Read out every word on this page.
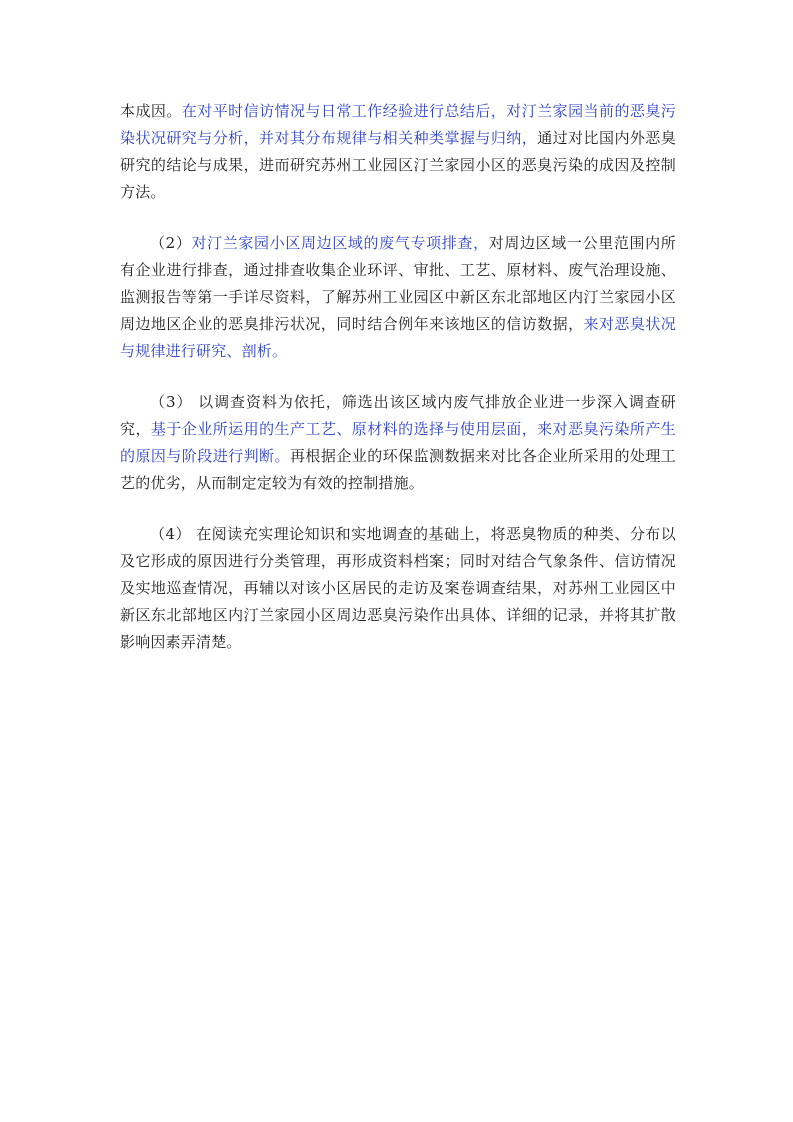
本成因。在对平时信访情况与日常工作经验进行总结后，对汀兰家园当前的恶臭污染状况研究与分析，并对其分布规律与相关种类掌握与归纳，通过对比国内外恶臭研究的结论与成果，进而研究苏州工业园区汀兰家园小区的恶臭污染的成因及控制方法。

（2）对汀兰家园小区周边区域的废气专项排查，对周边区域一公里范围内所有企业进行排查，通过排查收集企业环评、审批、工艺、原材料、废气治理设施、监测报告等第一手详尽资料，了解苏州工业园区中新区东北部地区内汀兰家园小区周边地区企业的恶臭排污状况，同时结合例年来该地区的信访数据，来对恶臭状况与规律进行研究、剖析。

（3） 以调查资料为依托，筛选出该区域内废气排放企业进一步深入调查研究，基于企业所运用的生产工艺、原材料的选择与使用层面，来对恶臭污染所产生的原因与阶段进行判断。再根据企业的环保监测数据来对比各企业所采用的处理工艺的优劣，从而制定定较为有效的控制措施。

（4） 在阅读充实理论知识和实地调查的基础上，将恶臭物质的种类、分布以及它形成的原因进行分类管理，再形成资料档案；同时对结合气象条件、信访情况及实地巡查情况，再辅以对该小区居民的走访及案卷调查结果，对苏州工业园区中新区东北部地区内汀兰家园小区周边恶臭污染作出具体、详细的记录，并将其扩散影响因素弄清楚。
